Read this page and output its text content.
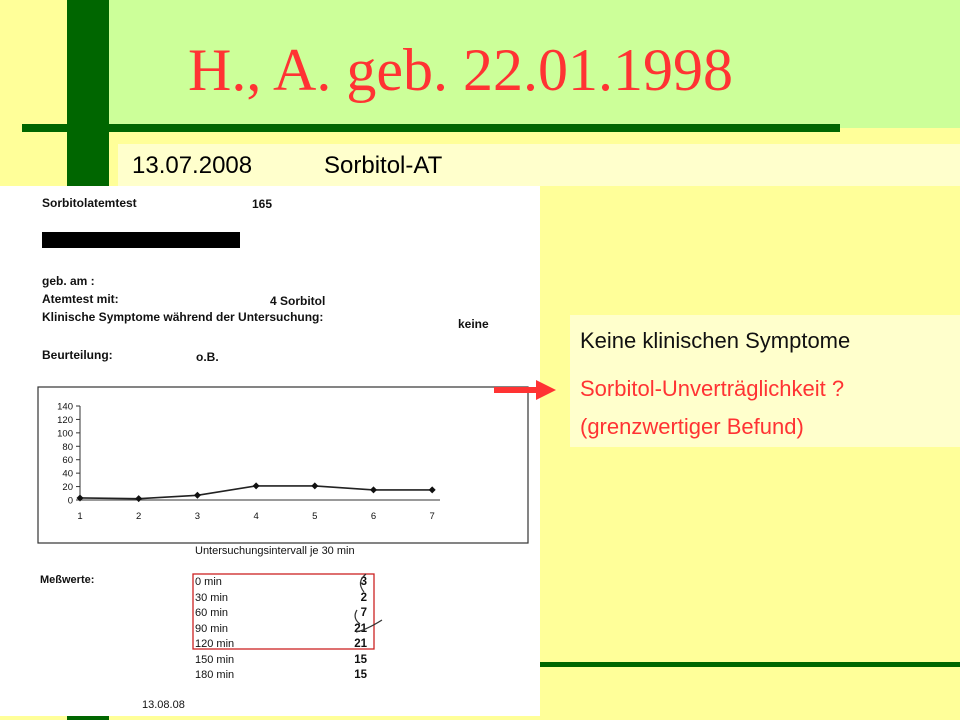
H., A. geb. 22.01.1998
13.07.2008	Sorbitol-AT
Sorbitolatemtest	165
geb. am :
Atemtest mit:	4 Sorbitol
Klinische Symptome während der Untersuchung:	keine
Beurteilung:	o.B.
0
20
40
60
80
100
120
140
1	2	3	4	5	6	7
Untersuchungsintervall je 30 min
Meßwerte:	0 min	3
30 min	2
60 min	7
90 min	21
120 min	21
150 min	15
180 min	15
13.08.08
Keine klinischen Symptome
Sorbitol-Unverträglichkeit ?
(grenzwertiger Befund)
